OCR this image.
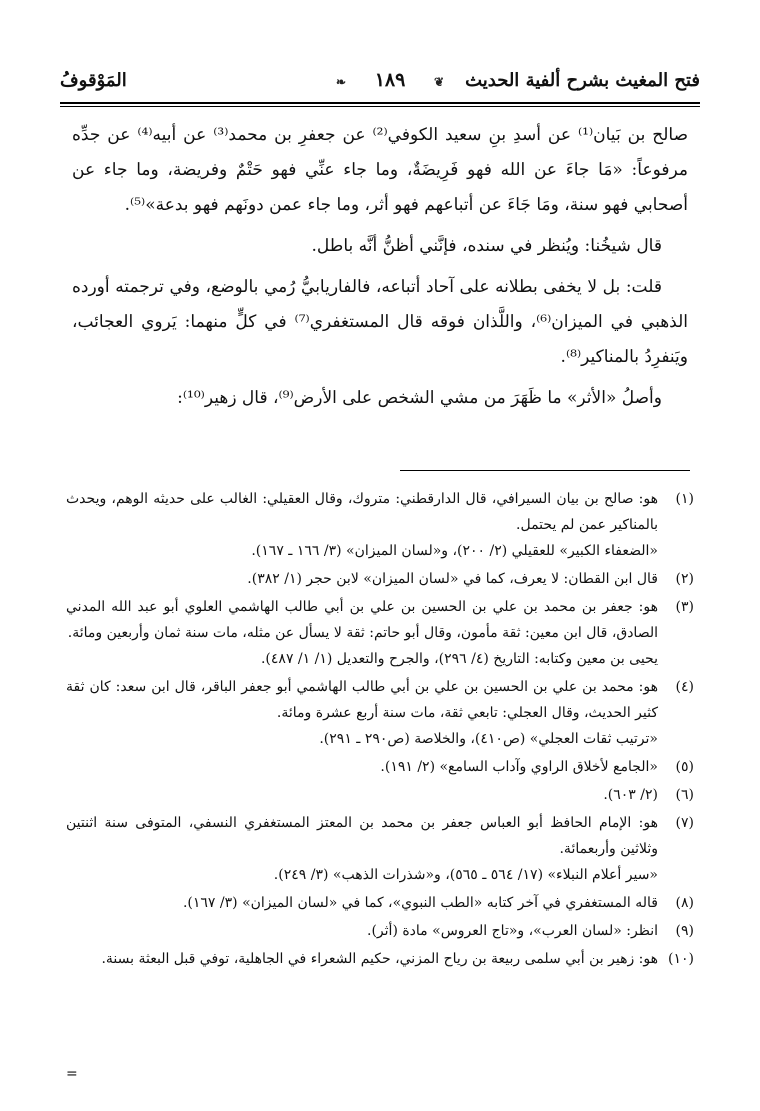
فتح المغيث بشرح ألفية الحديث
❦
١٨٩
❧
المَوْقوفُ

صالح بن بَيان⁽¹⁾ عن أسدِ بنِ سعيد الكوفي⁽²⁾ عن جعفرِ بن محمد⁽³⁾ عن أبيه⁽⁴⁾ عن جدِّه مرفوعاً: «مَا جاءَ عن الله فهو فَرِيضَةٌ، وما جاء عنِّي فهو حَتْمٌ وفريضة، وما جاء عن أصحابي فهو سنة، ومَا جَاءَ عن أتباعهم فهو أثر، وما جاء عمن دونَهم فهو بدعة»⁽⁵⁾.

قال شيخُنا: ويُنظر في سنده، فإنَّني أظنُّ أنَّه باطل.

قلت: بل لا يخفى بطلانه على آحاد أتباعه، فالفاريابيُّ رُمي بالوضع، وفي ترجمته أورده الذهبي في الميزان⁽⁶⁾، واللَّذان فوقه قال المستغفري⁽⁷⁾ في كلٍّ منهما: يَروي العجائب، ويَنفرِدُ بالمناكير⁽⁸⁾.

وأصلُ «الأثر» ما ظَهَرَ من مشي الشخص على الأرض⁽⁹⁾، قال زهير⁽¹⁰⁾:

(١)
هو: صالح بن بيان السيرافي، قال الدارقطني: متروك، وقال العقيلي: الغالب على حديثه الوهم، ويحدث بالمناكير عمن لم يحتمل.
«الضعفاء الكبير» للعقيلي (٢/ ٢٠٠)، و«لسان الميزان» (٣/ ١٦٦ ـ ١٦٧).
(٢)
قال ابن القطان: لا يعرف، كما في «لسان الميزان» لابن حجر (١/ ٣٨٢).
(٣)
هو: جعفر بن محمد بن علي بن الحسين بن علي بن أبي طالب الهاشمي العلوي أبو عبد الله المدني الصادق، قال ابن معين: ثقة مأمون، وقال أبو حاتم: ثقة لا يسأل عن مثله، مات سنة ثمان وأربعين ومائة.
يحيى بن معين وكتابه: التاريخ (٤/ ٢٩٦)، والجرح والتعديل (١/ ١/ ٤٨٧).
(٤)
هو: محمد بن علي بن الحسين بن علي بن أبي طالب الهاشمي أبو جعفر الباقر، قال ابن سعد: كان ثقة كثير الحديث، وقال العجلي: تابعي ثقة، مات سنة أربع عشرة ومائة.
«ترتيب ثقات العجلي» (ص٤١٠)، والخلاصة (ص٢٩٠ ـ ٢٩١).
(٥)
«الجامع لأخلاق الراوي وآداب السامع» (٢/ ١٩١).
(٦)
(٢/ ٦٠٣).
(٧)
هو: الإمام الحافظ أبو العباس جعفر بن محمد بن المعتز المستغفري النسفي، المتوفى سنة اثنتين وثلاثين وأربعمائة.
«سير أعلام النبلاء» (١٧/ ٥٦٤ ـ ٥٦٥)، و«شذرات الذهب» (٣/ ٢٤٩).
(٨)
قاله المستغفري في آخر كتابه «الطب النبوي»، كما في «لسان الميزان» (٣/ ١٦٧).
(٩)
انظر: «لسان العرب»، و«تاج العروس» مادة (أثر).
(١٠)
هو: زهير بن أبي سلمى ربيعة بن رياح المزني، حكيم الشعراء في الجاهلية، توفي قبل البعثة بسنة.
=
